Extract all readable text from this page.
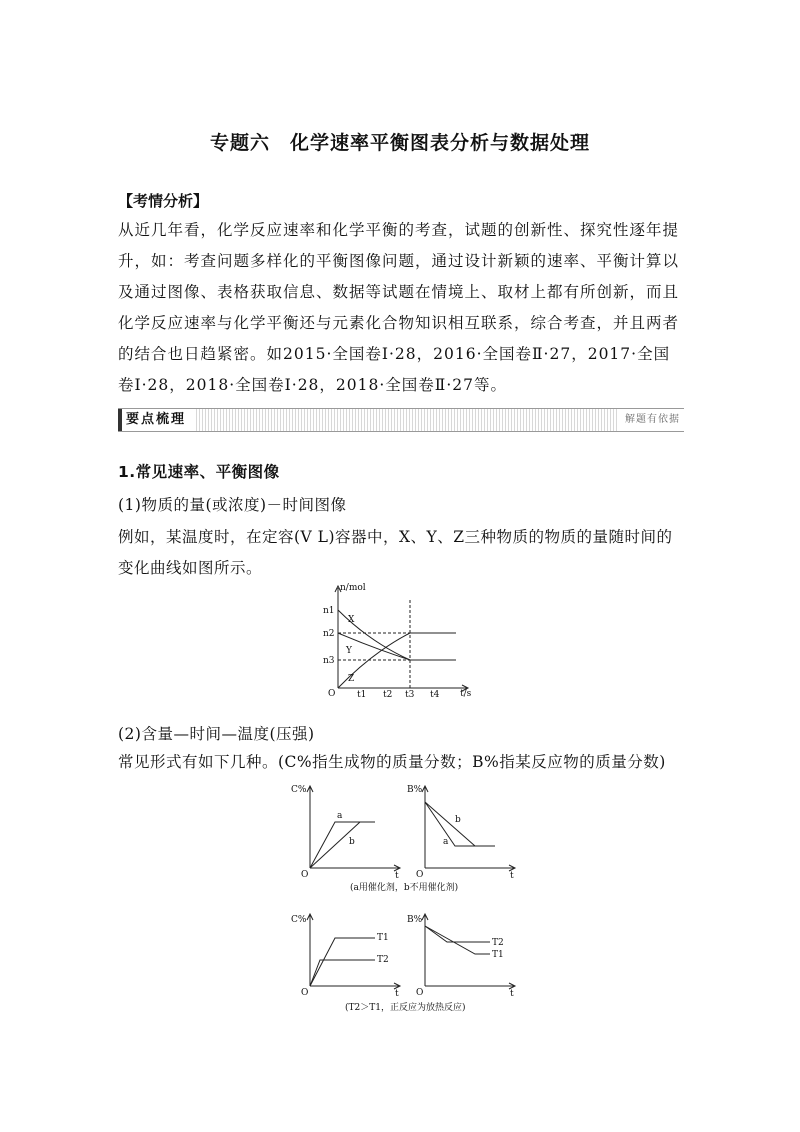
专题六　化学速率平衡图表分析与数据处理
【考情分析】

从近几年看，化学反应速率和化学平衡的考查，试题的创新性、探究性逐年提升，如：考查问题多样化的平衡图像问题，通过设计新颖的速率、平衡计算以及通过图像、表格获取信息、数据等试题在情境上、取材上都有所创新，而且化学反应速率与化学平衡还与元素化合物知识相互联系，综合考查，并且两者的结合也日趋紧密。如2015·全国卷Ⅰ·28，2016·全国卷Ⅱ·27，2017·全国卷Ⅰ·28，2018·全国卷Ⅰ·28，2018·全国卷Ⅱ·27等。

要点梳理	解题有依据
1.常见速率、平衡图像
(1)物质的量(或浓度)－时间图像
例如，某温度时，在定容(V L)容器中，X、Y、Z三种物质的物质的量随时间的变化曲线如图所示。
n/mol
t/s
O
n1
n2
n3
t1 t2 t3 t4
X
Y
Z
(2)含量—时间—温度(压强)
常见形式有如下几种。(C%指生成物的质量分数；B%指某反应物的质量分数)
C%
O	t
a
b
B%
O	t
a
b
(a用催化剂，b不用催化剂)
C%
O	t
T1
T2
B%
O	t
T2
T1
(T2＞T1，正反应为放热反应)
